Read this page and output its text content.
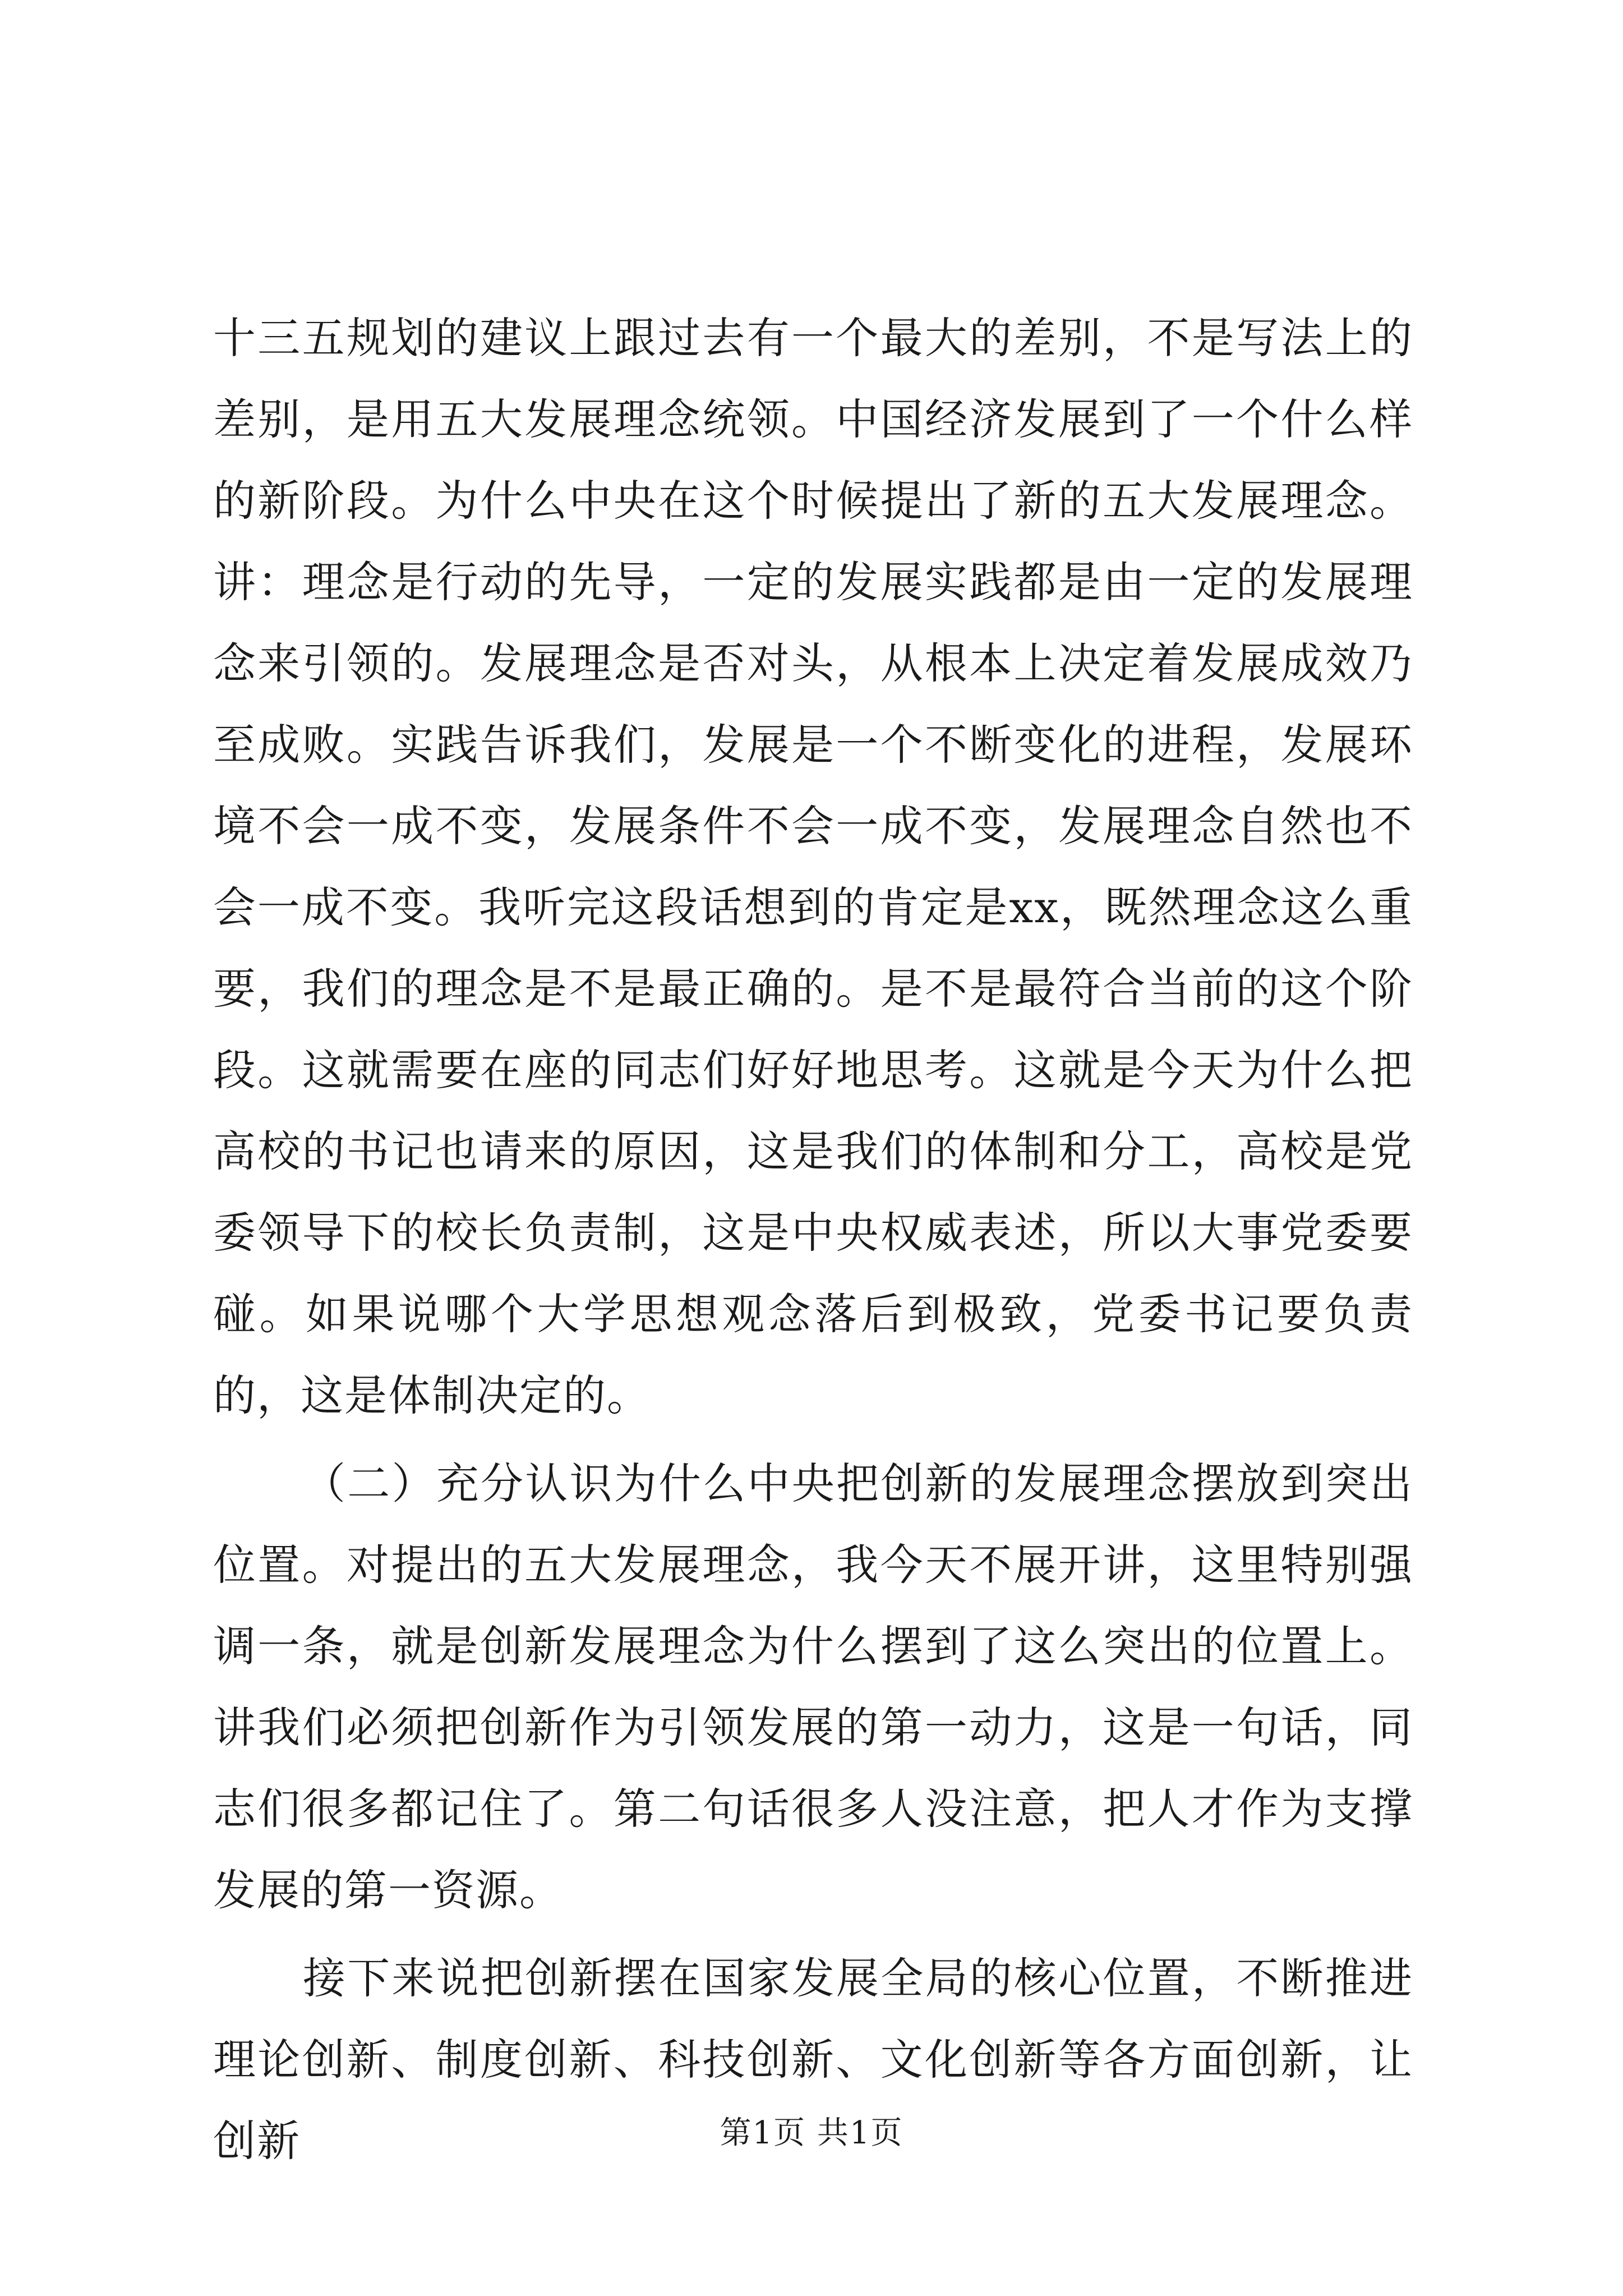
十三五规划的建议上跟过去有一个最大的差别，不是写法上的差别，是用五大发展理念统领。中国经济发展到了一个什么样的新阶段。为什么中央在这个时候提出了新的五大发展理念。讲：理念是行动的先导，一定的发展实践都是由一定的发展理念来引领的。发展理念是否对头，从根本上决定着发展成效乃至成败。实践告诉我们，发展是一个不断变化的进程，发展环境不会一成不变，发展条件不会一成不变，发展理念自然也不会一成不变。我听完这段话想到的肯定是xx，既然理念这么重要，我们的理念是不是最正确的。是不是最符合当前的这个阶段。这就需要在座的同志们好好地思考。这就是今天为什么把高校的书记也请来的原因，这是我们的体制和分工，高校是党委领导下的校长负责制，这是中央权威表述，所以大事党委要碰。如果说哪个大学思想观念落后到极致，党委书记要负责的，这是体制决定的。

（二）充分认识为什么中央把创新的发展理念摆放到突出位置。对提出的五大发展理念，我今天不展开讲，这里特别强调一条，就是创新发展理念为什么摆到了这么突出的位置上。讲我们必须把创新作为引领发展的第一动力，这是一句话，同志们很多都记住了。第二句话很多人没注意，把人才作为支撑发展的第一资源。

接下来说把创新摆在国家发展全局的核心位置，不断推进理论创新、制度创新、科技创新、文化创新等各方面创新，让创新	第1页 共1页
